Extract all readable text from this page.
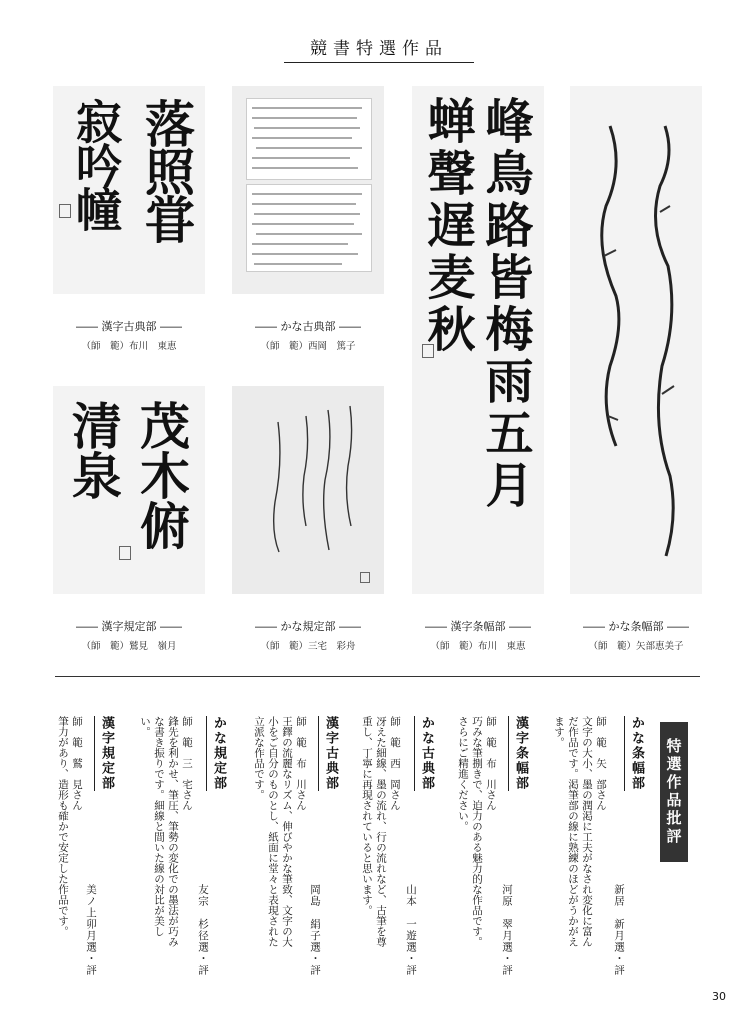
競書特選作品
落照甞
寂吟幢
―― 漢字古典部 ――
（師　範）布川　東恵
―― かな古典部 ――
（師　範）西岡　篤子	峰鳥路皆梅雨五月
蝉聲遅麦秋
―― 漢字条幅部 ――
（師　範）布川　東恵
―― かな条幅部 ――
（師　範）矢部恵美子
茂木俯
清泉
―― 漢字規定部 ――
（師　範）鷲見　嶺月
―― かな規定部 ――
（師　範）三宅　彩舟
特選作品批評
かな条幅部
師　範　矢　部さん
文字の大小、墨の潤渇に工夫がなされ変化に富ん
だ作品です。渇筆部の線に熟練のほどがうかがえ
ます。
新居　新月選・評
漢字条幅部
師　範　布　川さん
巧みな筆捌きで、迫力のある魅力的な作品です。
さらにご精進ください。
河原　翠月選・評
かな古典部
師　範　西　岡さん
冴えた細線、墨の流れ、行の流れなど、古筆を尊
重し、丁寧に再現されていると思います。
山本　一遊選・評
漢字古典部
師　範　布　川さん
王鐸の流麗なリズム、伸びやかな筆致、文字の大
小をご自分のものとし、紙面に堂々と表現された
立派な作品です。
岡島　絹子選・評
かな規定部
師　範　三　宅さん
鋒先を利かせ、筆圧、筆勢の変化での墨法が巧み
な書き振りです。細線と間いた線の対比が美し
い。
友宗　杉径選・評
漢字規定部
師　範　鷲　見さん
筆力があり、造形も確かで安定した作品です。 美ノ上卯月選・評
30
